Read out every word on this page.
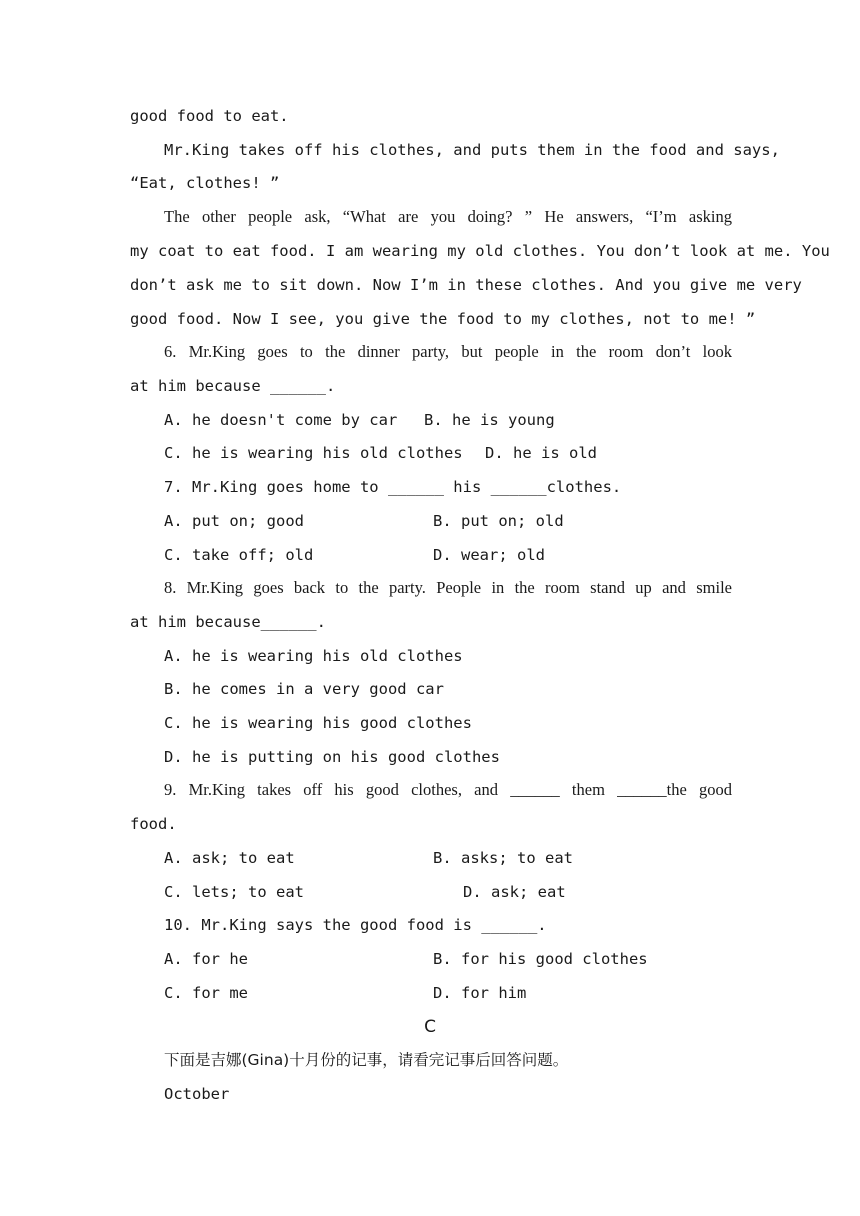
good food to eat.
Mr.King takes off his clothes, and puts them in the food and says,
“Eat, clothes! ”
The other people ask, “What are you doing? ” He answers, “I’m asking
my coat to eat food. I am wearing my old clothes. You don’t look at me. You
don’t ask me to sit down. Now I’m in these clothes. And you give me very
good food. Now I see, you give the food to my clothes, not to me! ”
6. Mr.King goes to the dinner party, but people in the room don’t look
at him because ______.
A. he doesn't come by car B. he is young
C. he is wearing his old clothes D. he is old
7. Mr.King goes home to ______ his ______clothes.
A. put on; good	B. put on; old
C. take off; old	D. wear; old
8. Mr.King goes back to the party. People in the room stand up and smile
at him because______.
A. he is wearing his old clothes
B. he comes in a very good car
C. he is wearing his good clothes
D. he is putting on his good clothes
9. Mr.King takes off his good clothes, and ______ them ______the good
food.
A. ask; to eat	B. asks; to eat
C. lets; to eat	D. ask; eat
10. Mr.King says the good food is ______.
A. for he	B. for his good clothes
C. for me	D. for him
C
下面是吉娜(Gina)十月份的记事，请看完记事后回答问题。
October
